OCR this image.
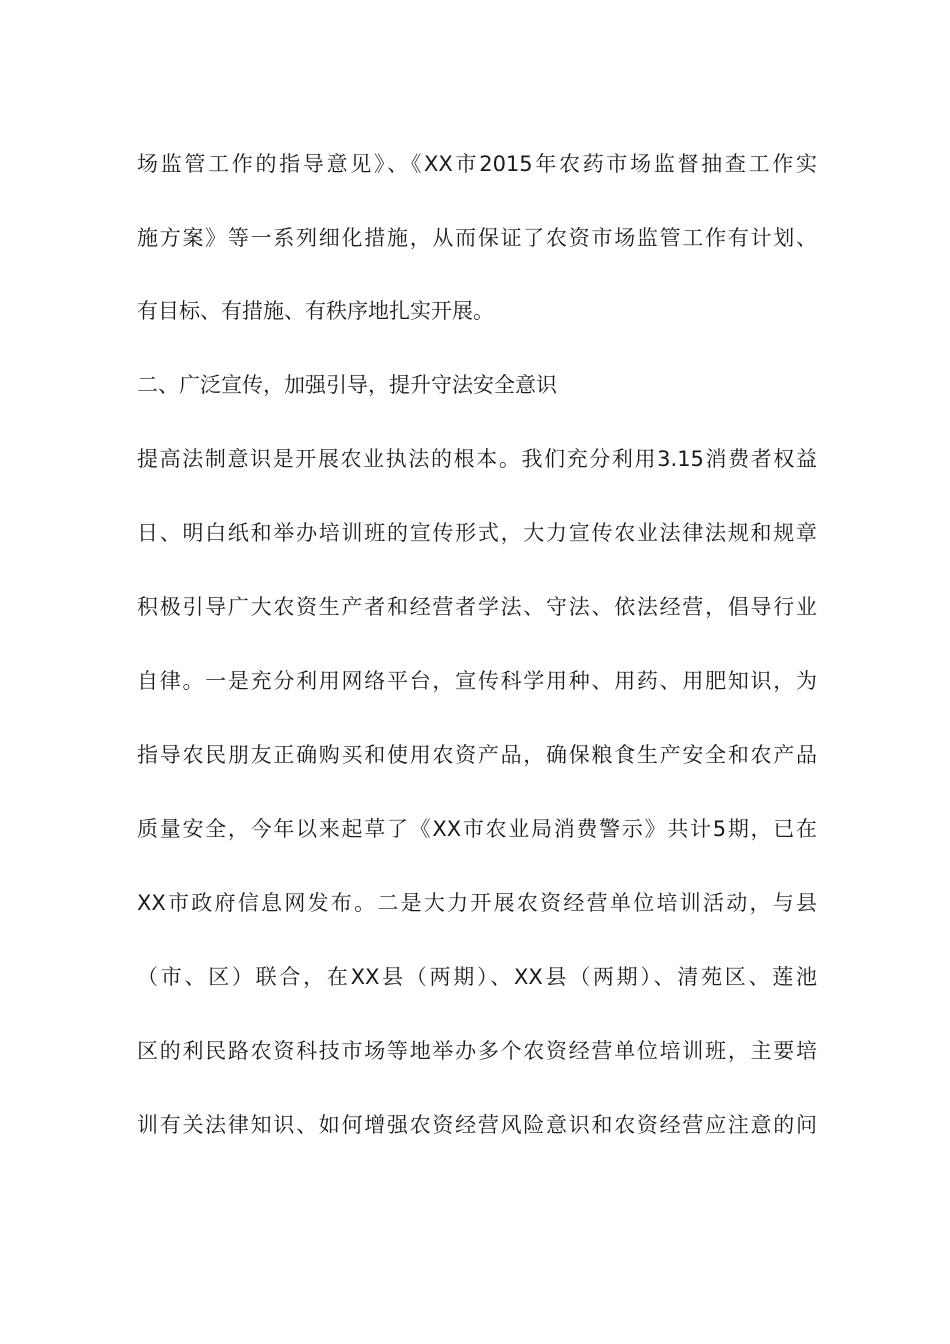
场监管工作的指导意见》、《XX市2015年农药市场监督抽查工作实
施方案》等一系列细化措施，从而保证了农资市场监管工作有计划、
有目标、有措施、有秩序地扎实开展。
二、广泛宣传，加强引导，提升守法安全意识
提高法制意识是开展农业执法的根本。我们充分利用3.15消费者权益
日、明白纸和举办培训班的宣传形式，大力宣传农业法律法规和规章
积极引导广大农资生产者和经营者学法、守法、依法经营，倡导行业
自律。一是充分利用网络平台，宣传科学用种、用药、用肥知识，为
指导农民朋友正确购买和使用农资产品，确保粮食生产安全和农产品
质量安全，今年以来起草了《XX市农业局消费警示》共计5期，已在
XX市政府信息网发布。二是大力开展农资经营单位培训活动，与县
（市、区）联合，在XX县（两期）、XX县（两期）、清苑区、莲池
区的利民路农资科技市场等地举办多个农资经营单位培训班，主要培
训有关法律知识、如何增强农资经营风险意识和农资经营应注意的问
